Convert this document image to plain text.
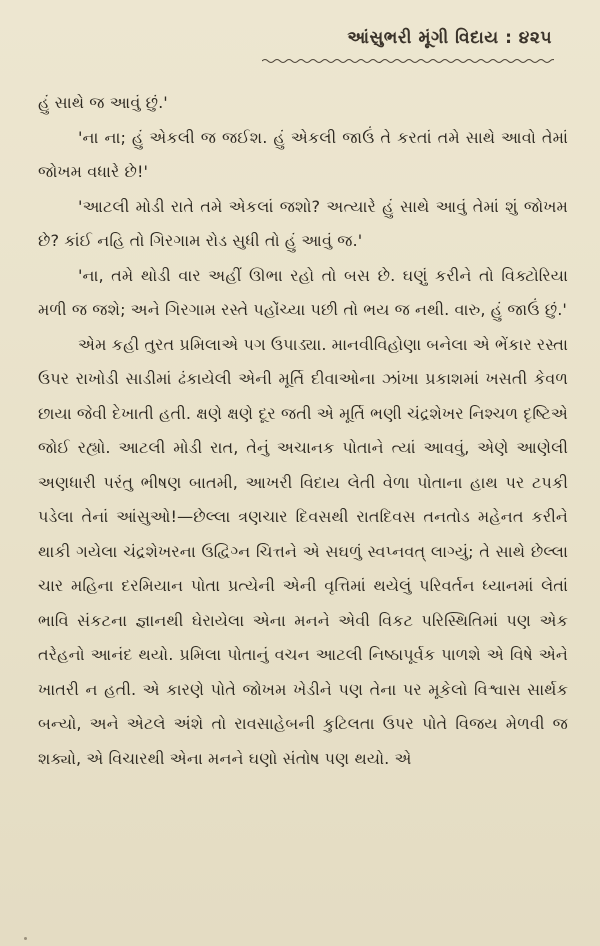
આંસુભરી મૂંગી વિદાય : ૪૨૫

હું સાથે જ આવું છું.'

'ના ના; હું એકલી જ જઈશ. હું એકલી જાઉં તે કરતાં તમે સાથે આવો તેમાં જોખમ વધારે છે!'

'આટલી મોડી રાતે તમે એકલાં જશો? અત્યારે હું સાથે આવું તેમાં શું જોખમ છે? કાંઈ નહિ તો ગિરગામ રોડ સુધી તો હું આવું જ.'

'ના, તમે થોડી વાર અહીં ઊભા રહો તો બસ છે. ઘણું કરીને તો વિક્ટોરિયા મળી જ જશે; અને ગિરગામ રસ્તે પહોંચ્યા પછી તો ભય જ નથી. વારુ, હું જાઉં છું.'

એમ કહી તુરત પ્રમિલાએ પગ ઉપાડ્યા. માનવીવિહોણા બનેલા એ ભેંકાર રસ્તા ઉપર રાખોડી સાડીમાં ઢંકાયેલી એની મૂર્તિ દીવાઓના ઝાંખા પ્રકાશમાં ખસતી કેવળ છાયા જેવી દેખાતી હતી. ક્ષણે ક્ષણે દૂર જતી એ મૂર્તિ ભણી ચંદ્રશેખર નિશ્ચળ દૃષ્ટિએ જોઈ રહ્યો. આટલી મોડી રાત, તેનું અચાનક પોતાને ત્યાં આવવું, એણે આણેલી અણધારી પરંતુ ભીષણ બાતમી, આખરી વિદાય લેતી વેળા પોતાના હાથ પર ટપકી પડેલા તેનાં આંસુઓ!—છેલ્લા ત્રણચાર દિવસથી રાતદિવસ તનતોડ મહેનત કરીને થાકી ગયેલા ચંદ્રશેખરના ઉદ્વિગ્ન ચિત્તને એ સઘળું સ્વપ્નવત્ લાગ્યું; તે સાથે છેલ્લા ચાર મહિના દરમિયાન પોતા પ્રત્યેની એની વૃત્તિમાં થયેલું પરિવર્તન ધ્યાનમાં લેતાં ભાવિ સંકટના જ્ઞાનથી ઘેરાયેલા એના મનને એવી વિકટ પરિસ્થિતિમાં પણ એક તરેહનો આનંદ થયો. પ્રમિલા પોતાનું વચન આટલી નિષ્ઠાપૂર્વક પાળશે એ વિષે એને ખાતરી ન હતી. એ કારણે પોતે જોખમ ખેડીને પણ તેના પર મૂકેલો વિશ્વાસ સાર્થક બન્યો, અને એટલે અંશે તો રાવસાહેબની કુટિલતા ઉપર પોતે વિજય મેળવી જ શક્યો, એ વિચારથી એના મનને ઘણો સંતોષ પણ થયો. એ
